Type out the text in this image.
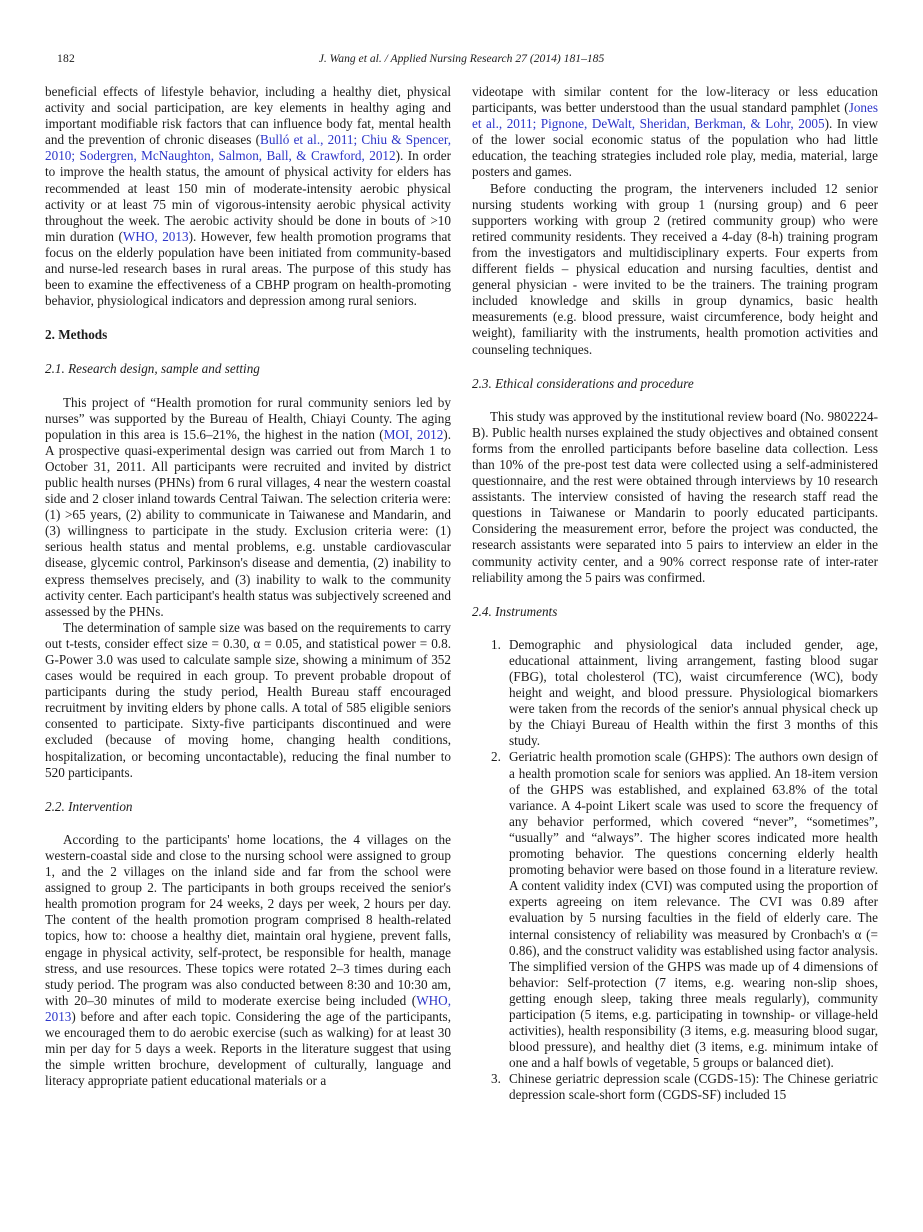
182	J. Wang et al. / Applied Nursing Research 27 (2014) 181–185

beneficial effects of lifestyle behavior, including a healthy diet, physical activity and social participation, are key elements in healthy aging and important modifiable risk factors that can influence body fat, mental health and the prevention of chronic diseases (Bulló et al., 2011; Chiu & Spencer, 2010; Sodergren, McNaughton, Salmon, Ball, & Crawford, 2012). In order to improve the health status, the amount of physical activity for elders has recommended at least 150 min of moderate-intensity aerobic physical activity or at least 75 min of vigorous-intensity aerobic physical activity throughout the week. The aerobic activity should be done in bouts of >10 min duration (WHO, 2013). However, few health promotion programs that focus on the elderly population have been initiated from community-based and nurse-led research bases in rural areas. The purpose of this study has been to examine the effectiveness of a CBHP program on health-promoting behavior, physiological indicators and depression among rural seniors.

2. Methods
2.1. Research design, sample and setting

This project of “Health promotion for rural community seniors led by nurses” was supported by the Bureau of Health, Chiayi County. The aging population in this area is 15.6–21%, the highest in the nation (MOI, 2012). A prospective quasi-experimental design was carried out from March 1 to October 31, 2011. All participants were recruited and invited by district public health nurses (PHNs) from 6 rural villages, 4 near the western coastal side and 2 closer inland towards Central Taiwan. The selection criteria were: (1) >65 years, (2) ability to communicate in Taiwanese and Mandarin, and (3) willingness to participate in the study. Exclusion criteria were: (1) serious health status and mental problems, e.g. unstable cardiovascular disease, glycemic control, Parkinson's disease and dementia, (2) inability to express themselves precisely, and (3) inability to walk to the community activity center. Each participant's health status was subjectively screened and assessed by the PHNs.

The determination of sample size was based on the requirements to carry out t-tests, consider effect size = 0.30, α = 0.05, and statistical power = 0.8. G-Power 3.0 was used to calculate sample size, showing a minimum of 352 cases would be required in each group. To prevent probable dropout of participants during the study period, Health Bureau staff encouraged recruitment by inviting elders by phone calls. A total of 585 eligible seniors consented to participate. Sixty-five participants discontinued and were excluded (because of moving home, changing health conditions, hospitalization, or becoming uncontactable), reducing the final number to 520 participants.

2.2. Intervention

According to the participants' home locations, the 4 villages on the western-coastal side and close to the nursing school were assigned to group 1, and the 2 villages on the inland side and far from the school were assigned to group 2. The participants in both groups received the senior's health promotion program for 24 weeks, 2 days per week, 2 hours per day. The content of the health promotion program comprised 8 health-related topics, how to: choose a healthy diet, maintain oral hygiene, prevent falls, engage in physical activity, self-protect, be responsible for health, manage stress, and use resources. These topics were rotated 2–3 times during each study period. The program was also conducted between 8:30 and 10:30 am, with 20–30 minutes of mild to moderate exercise being included (WHO, 2013) before and after each topic. Considering the age of the participants, we encouraged them to do aerobic exercise (such as walking) for at least 30 min per day for 5 days a week. Reports in the literature suggest that using the simple written brochure, development of culturally, language and literacy appropriate patient educational materials or a

videotape with similar content for the low-literacy or less education participants, was better understood than the usual standard pamphlet (Jones et al., 2011; Pignone, DeWalt, Sheridan, Berkman, & Lohr, 2005). In view of the lower social economic status of the population who had little education, the teaching strategies included role play, media, material, large posters and games.

Before conducting the program, the interveners included 12 senior nursing students working with group 1 (nursing group) and 6 peer supporters working with group 2 (retired community group) who were retired community residents. They received a 4-day (8-h) training program from the investigators and multidisciplinary experts. Four experts from different fields – physical education and nursing faculties, dentist and general physician - were invited to be the trainers. The training program included knowledge and skills in group dynamics, basic health measurements (e.g. blood pressure, waist circumference, body height and weight), familiarity with the instruments, health promotion activities and counseling techniques.

2.3. Ethical considerations and procedure

This study was approved by the institutional review board (No. 9802224-B). Public health nurses explained the study objectives and obtained consent forms from the enrolled participants before baseline data collection. Less than 10% of the pre-post test data were collected using a self-administered questionnaire, and the rest were obtained through interviews by 10 research assistants. The interview consisted of having the research staff read the questions in Taiwanese or Mandarin to poorly educated participants. Considering the measurement error, before the project was conducted, the research assistants were separated into 5 pairs to interview an elder in the community activity center, and a 90% correct response rate of inter-rater reliability among the 5 pairs was confirmed.

2.4. Instruments
1. Demographic and physiological data included gender, age, educational attainment, living arrangement, fasting blood sugar (FBG), total cholesterol (TC), waist circumference (WC), body height and weight, and blood pressure. Physiological biomarkers were taken from the records of the senior's annual physical check up by the Chiayi Bureau of Health within the first 3 months of this study.
2. Geriatric health promotion scale (GHPS): The authors own design of a health promotion scale for seniors was applied. An 18-item version of the GHPS was established, and explained 63.8% of the total variance. A 4-point Likert scale was used to score the frequency of any behavior performed, which covered “never”, “sometimes”, “usually” and “always”. The higher scores indicated more health promoting behavior. The questions concerning elderly health promoting behavior were based on those found in a literature review. A content validity index (CVI) was computed using the proportion of experts agreeing on item relevance. The CVI was 0.89 after evaluation by 5 nursing faculties in the field of elderly care. The internal consistency of reliability was measured by Cronbach's α (= 0.86), and the construct validity was established using factor analysis. The simplified version of the GHPS was made up of 4 dimensions of behavior: Self-protection (7 items, e.g. wearing non-slip shoes, getting enough sleep, taking three meals regularly), community participation (5 items, e.g. participating in township- or village-held activities), health responsibility (3 items, e.g. measuring blood sugar, blood pressure), and healthy diet (3 items, e.g. minimum intake of one and a half bowls of vegetable, 5 groups or balanced diet).
3. Chinese geriatric depression scale (CGDS-15): The Chinese geriatric depression scale-short form (CGDS-SF) included 15
